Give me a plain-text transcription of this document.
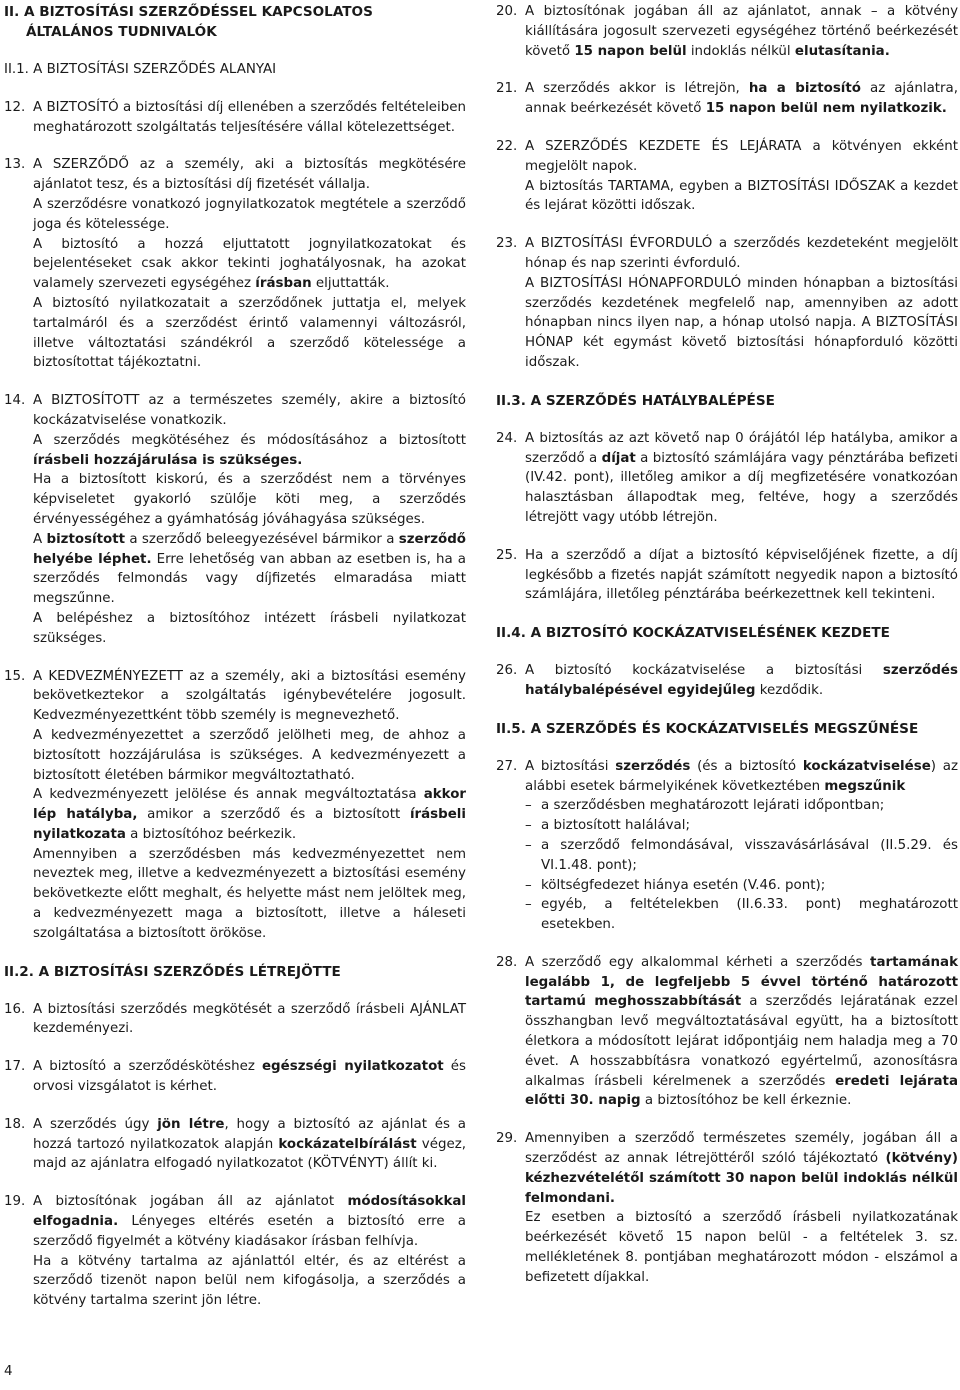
II. A BIZTOSÍTÁSI SZERZŐDÉSSEL KAPCSOLATOS
ÁLTALÁNOS TUDNIVALÓK

II.1. A BIZTOSÍTÁSI SZERZŐDÉS ALANYAI

12. A BIZTOSÍTÓ a biztosítási díj ellenében a szerződés feltételeiben meghatározott szolgáltatás teljesítésére vállal kötelezettséget.

13. A SZERZŐDŐ az a személy, aki a biztosítás megkötésére ajánlatot tesz, és a biztosítási díj fizetését vállalja.

A szerződésre vonatkozó jognyilatkozatok megtétele a szerződő joga és kötelessége.

A biztosító a hozzá eljuttatott jognyilatkozatokat és bejelentéseket csak akkor tekinti joghatályosnak, ha azokat valamely szervezeti egységéhez írásban eljuttatták.

A biztosító nyilatkozatait a szerződőnek juttatja el, melyek tartalmáról és a szerződést érintő valamennyi változásról, illetve változtatási szándékról a szerződő kötelessége a biztosítottat tájékoztatni.

14. A BIZTOSÍTOTT az a természetes személy, akire a biztosító kockázatviselése vonatkozik.

A szerződés megkötéséhez és módosításához a biztosított írásbeli hozzájárulása is szükséges.

Ha a biztosított kiskorú, és a szerződést nem a törvényes képviseletet gyakorló szülője köti meg, a szerződés érvényességéhez a gyámhatóság jóváhagyása szükséges.

A biztosított a szerződő beleegyezésével bármikor a szerződő helyébe léphet. Erre lehetőség van abban az esetben is, ha a szerződés felmondás vagy díjfizetés elmaradása miatt megszűnne.

A belépéshez a biztosítóhoz intézett írásbeli nyilatkozat szükséges.

15. A KEDVEZMÉNYEZETT az a személy, aki a biztosítási esemény bekövetkeztekor a szolgáltatás igénybevételére jogosult. Kedvezményezettként több személy is megnevezhető.

A kedvezményezettet a szerződő jelölheti meg, de ahhoz a biztosított hozzájárulása is szükséges. A kedvezményezett a biztosított életében bármikor megváltoztatható.

A kedvezményezett jelölése és annak megváltoztatása akkor lép hatályba, amikor a szerződő és a biztosított írásbeli nyilatkozata a biztosítóhoz beérkezik.

Amennyiben a szerződésben más kedvezményezettet nem neveztek meg, illetve a kedvezményezett a biztosítási esemény bekövetkezte előtt meghalt, és helyette mást nem jelöltek meg, a kedvezményezett maga a biztosított, illetve a háleseti szolgáltatása a biztosított örököse.

II.2. A BIZTOSÍTÁSI SZERZŐDÉS LÉTREJÖTTE

16. A biztosítási szerződés megkötését a szerződő írásbeli AJÁNLAT kezdeményezi.

17. A biztosító a szerződéskötéshez egészségi nyilatkozatot és orvosi vizsgálatot is kérhet.

18. A szerződés úgy jön létre, hogy a biztosító az ajánlat és a hozzá tartozó nyilatkozatok alapján kockázatelbírálást végez, majd az ajánlatra elfogadó nyilatkozatot (KÖTVÉNYT) állít ki.

19. A biztosítónak jogában áll az ajánlatot módosításokkal elfogadnia. Lényeges eltérés esetén a biztosító erre a szerződő figyelmét a kötvény kiadásakor írásban felhívja.

Ha a kötvény tartalma az ajánlattól eltér, és az eltérést a szerződő tizenöt napon belül nem kifogásolja, a szerződés a kötvény tartalma szerint jön létre.

20. A biztosítónak jogában áll az ajánlatot, annak – a kötvény kiállítására jogosult szervezeti egységéhez történő beérkezését követő 15 napon belül indoklás nélkül elutasítania.

21. A szerződés akkor is létrejön, ha a biztosító az ajánlatra, annak beérkezését követő 15 napon belül nem nyilatkozik.

22. A SZERZŐDÉS KEZDETE ÉS LEJÁRATA a kötvényen ekként megjelölt napok.

A biztosítás TARTAMA, egyben a BIZTOSÍTÁSI IDŐSZAK a kezdet és lejárat közötti időszak.

23. A BIZTOSÍTÁSI ÉVFORDULÓ a szerződés kezdeteként megjelölt hónap és nap szerinti évforduló.

A BIZTOSÍTÁSI HÓNAPFORDULÓ minden hónapban a biztosítási szerződés kezdetének megfelelő nap, amennyiben az adott hónapban nincs ilyen nap, a hónap utolsó napja. A BIZTOSÍTÁSI HÓNAP két egymást követő biztosítási hónapforduló közötti időszak.

II.3. A SZERZŐDÉS HATÁLYBALÉPÉSE

24. A biztosítás az azt követő nap 0 órájától lép hatályba, amikor a szerződő a díjat a biztosító számlájára vagy pénztárába befizeti (IV.42. pont), illetőleg amikor a díj megfizetésére vonatkozóan halasztásban állapodtak meg, feltéve, hogy a szerződés létrejött vagy utóbb létrejön.

25. Ha a szerződő a díjat a biztosító képviselőjének fizette, a díj legkésőbb a fizetés napját számított negyedik napon a biztosító számlájára, illetőleg pénztárába beérkezettnek kell tekinteni.

II.4. A BIZTOSÍTÓ KOCKÁZATVISELÉSÉNEK KEZDETE

26. A biztosító kockázatviselése a biztosítási szerződés hatálybalépésével egyidejűleg kezdődik.

II.5. A SZERZŐDÉS ÉS KOCKÁZATVISELÉS MEGSZŰNÉSE

27. A biztosítási szerződés (és a biztosító kockázatviselése) az alábbi esetek bármelyikének következtében megszűnik

– a szerződésben meghatározott lejárati időpontban;
– a biztosított halálával;
– a szerződő felmondásával, visszavásárlásával (II.5.29. és VI.1.48. pont);
– költségfedezet hiánya esetén (V.46. pont);
– egyéb, a feltételekben (II.6.33. pont) meghatározott esetekben.
28. A szerződő egy alkalommal kérheti a szerződés tartamának legalább 1, de legfeljebb 5 évvel történő határozott tartamú meghosszabbítását a szerződés lejáratának ezzel összhangban levő megváltoztatásával együtt, ha a biztosított életkora a módosított lejárat időpontjáig nem haladja meg a 70 évet. A hosszabbításra vonatkozó egyértelmű, azonosításra alkalmas írásbeli kérelmenek a szerződés eredeti lejárata előtti 30. napig a biztosítóhoz be kell érkeznie.

29. Amennyiben a szerződő természetes személy, jogában áll a szerződést az annak létrejöttéről szóló tájékoztató (kötvény) kézhezvételétől számított 30 napon belül indoklás nélkül felmondani.

Ez esetben a biztosító a szerződő írásbeli nyilatkozatának beérkezését követő 15 napon belül - a feltételek 3. sz. mellékletének 8. pontjában meghatározott módon - elszámol a befizetett díjakkal.

4
